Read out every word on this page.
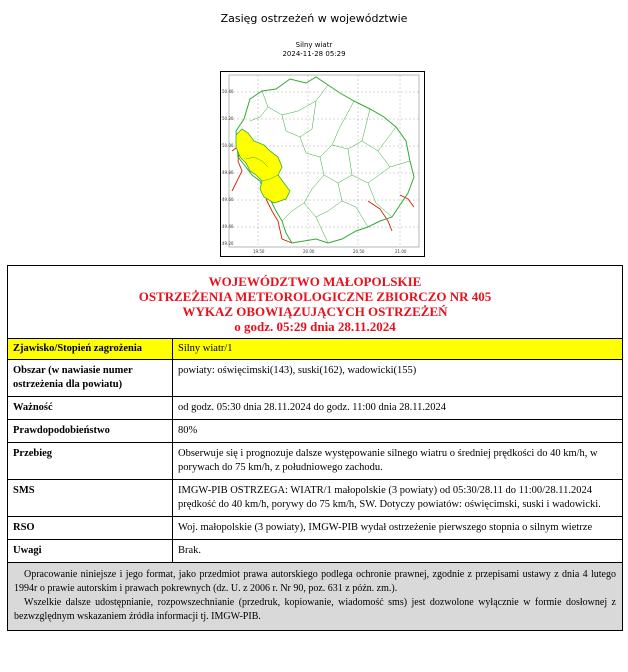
Zasięg ostrzeżeń w województwie
Silny wiatr
2024-11-28 05:29
50.40
50.20
50.00
49.80
49.60
49.40
49.20
19.50	20.00	20.50	21.00
WOJEWÓDZTWO MAŁOPOLSKIE
OSTRZEŻENIA METEOROLOGICZNE ZBIORCZO NR 405
WYKAZ OBOWIĄZUJĄCYCH OSTRZEŻEŃ
o godz. 05:29 dnia 28.11.2024
Zjawisko/Stopień zagrożenia	Silny wiatr/1
Obszar (w nawiasie numer ostrzeżenia dla powiatu)	powiaty: oświęcimski(143), suski(162), wadowicki(155)
Ważność	od godz. 05:30 dnia 28.11.2024 do godz. 11:00 dnia 28.11.2024
Prawdopodobieństwo	80%
Przebieg	Obserwuje się i prognozuje dalsze występowanie silnego wiatru o średniej prędkości do 40 km/h, w porywach do 75 km/h, z południowego zachodu.
SMS	IMGW-PIB OSTRZEGA: WIATR/1 małopolskie (3 powiaty) od 05:30/28.11 do 11:00/28.11.2024 prędkość do 40 km/h, porywy do 75 km/h, SW. Dotyczy powiatów: oświęcimski, suski i wadowicki.
RSO	Woj. małopolskie (3 powiaty), IMGW-PIB wydał ostrzeżenie pierwszego stopnia o silnym wietrze
Uwagi	Brak.

Opracowanie niniejsze i jego format, jako przedmiot prawa autorskiego podlega ochronie prawnej, zgodnie z przepisami ustawy z dnia 4 lutego 1994r o prawie autorskim i prawach pokrewnych (dz. U. z 2006 r. Nr 90, poz. 631 z późn. zm.).

Wszelkie dalsze udostępnianie, rozpowszechnianie (przedruk, kopiowanie, wiadomość sms) jest dozwolone wyłącznie w formie dosłownej z bezwzględnym wskazaniem źródła informacji tj. IMGW-PIB.
